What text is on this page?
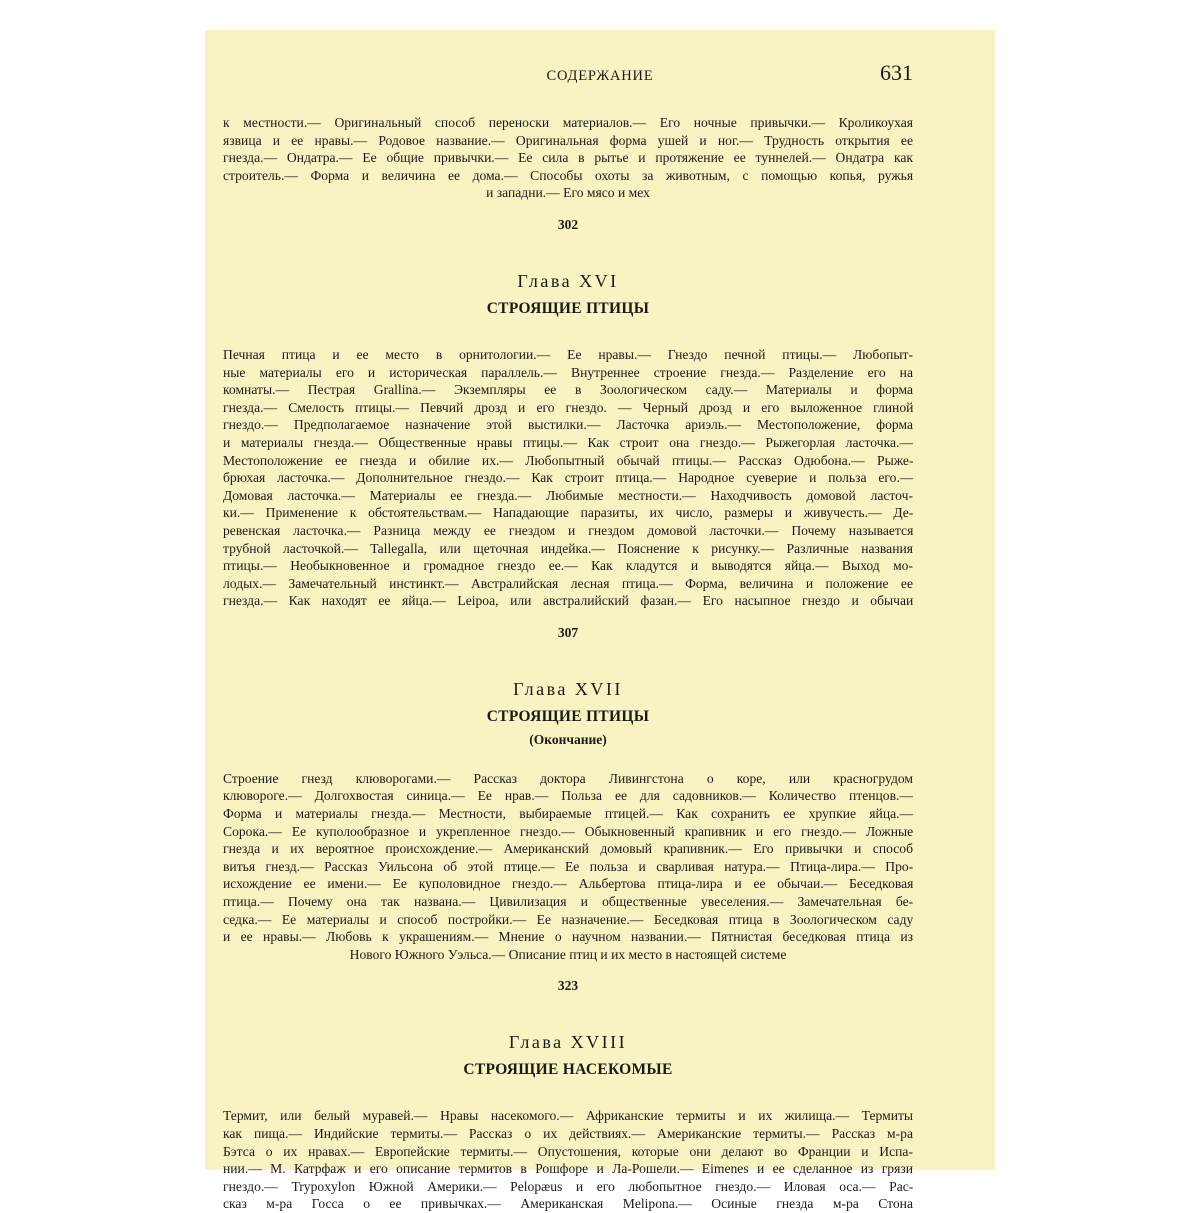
СОДЕРЖАНИЕ	631
к местности.— Оригинальный способ переноски материалов.— Его ночные привычки.— Кроликоухая
язвица и ее нравы.— Родовое название.— Оригинальная форма ушей и ног.— Трудность открытия ее
гнезда.— Ондатра.— Ее общие привычки.— Ее сила в рытье и протяжение ее туннелей.— Ондатра как
строитель.— Форма и величина ее дома.— Способы охоты за животным, с помощью копья, ружья
и западни.— Его мясо и мех
302
Глава XVI
СТРОЯЩИЕ ПТИЦЫ
Печная птица и ее место в орнитологии.— Ее нравы.— Гнездо печной птицы.— Любопыт-
ные материалы его и историческая параллель.— Внутреннее строение гнезда.— Разделение его на
комнаты.— Пестрая Grallina.— Экземпляры ее в Зоологическом саду.— Материалы и форма
гнезда.— Смелость птицы.— Певчий дрозд и его гнездо. — Черный дрозд и его выложенное глиной
гнездо.— Предполагаемое назначение этой выстилки.— Ласточка ариэль.— Местоположение, форма
и материалы гнезда.— Общественные нравы птицы.— Как строит она гнездо.— Рыжегорлая ласточка.—
Местоположение ее гнезда и обилие их.— Любопытный обычай птицы.— Рассказ Одюбона.— Рыже-
брюхая ласточка.— Дополнительное гнездо.— Как строит птица.— Народное суеверие и польза его.—
Домовая ласточка.— Материалы ее гнезда.— Любимые местности.— Находчивость домовой ласточ-
ки.— Применение к обстоятельствам.— Нападающие паразиты, их число, размеры и живучесть.— Де-
ревенская ласточка.— Разница между ее гнездом и гнездом домовой ласточки.— Почему называется
трубной ласточкой.— Tallegalla, или щеточная индейка.— Пояснение к рисунку.— Различные названия
птицы.— Необыкновенное и громадное гнездо ее.— Как кладутся и выводятся яйца.— Выход мо-
лодых.— Замечательный инстинкт.— Австралийская лесная птица.— Форма, величина и положение ее
гнезда.— Как находят ее яйца.— Leipoa, или австралийский фазан.— Его насыпное гнездо и обычаи
307
Глава XVII
СТРОЯЩИЕ ПТИЦЫ
(Окончание)
Строение гнезд клюворогами.— Рассказ доктора Ливингстона о коре, или красногрудом
клюворoге.— Долгохвостая синица.— Ее нрав.— Польза ее для садовников.— Количество птенцов.—
Форма и материалы гнезда.— Местности, выбираемые птицей.— Как сохранить ее хрупкие яйца.—
Сорока.— Ее куполообразное и укрепленное гнездо.— Обыкновенный крапивник и его гнездо.— Ложные
гнезда и их вероятное происхождение.— Американский домовый крапивник.— Его привычки и способ
витья гнезд.— Рассказ Уильсона об этой птице.— Ее польза и сварливая натура.— Птица-лира.— Про-
исхождение ее имени.— Ее куполовидное гнездо.— Альбертова птица-лира и ее обычаи.— Беседковая
птица.— Почему она так названа.— Цивилизация и общественные увеселения.— Замечательная бе-
седка.— Ее материалы и способ постройки.— Ее назначение.— Беседковая птица в Зоологическом саду
и ее нравы.— Любовь к украшениям.— Мнение о научном названии.— Пятнистая беседковая птица из
Нового Южного Уэльса.— Описание птиц и их место в настоящей системе
323
Глава XVIII
СТРОЯЩИЕ НАСЕКОМЫЕ
Термит, или белый муравей.— Нравы насекомого.— Африканские термиты и их жилища.— Термиты
как пища.— Индийские термиты.— Рассказ о их действиях.— Американские термиты.— Рассказ м-ра
Бэтса о их нравах.— Европейские термиты.— Опустошения, которые они делают во Франции и Испа-
нии.— М. Катрфаж и его описание термитов в Рошфоре и Ла-Рошели.— Eimenes и ее сделанное из грязи
гнездо.— Trypoxylon Южной Америки.— Pelopæus и его любопытное гнездо.— Иловая оса.— Рас-
сказ м-ра Госса о ее привычках.— Американская Melipona.— Осиные гнезда м-ра Стона
